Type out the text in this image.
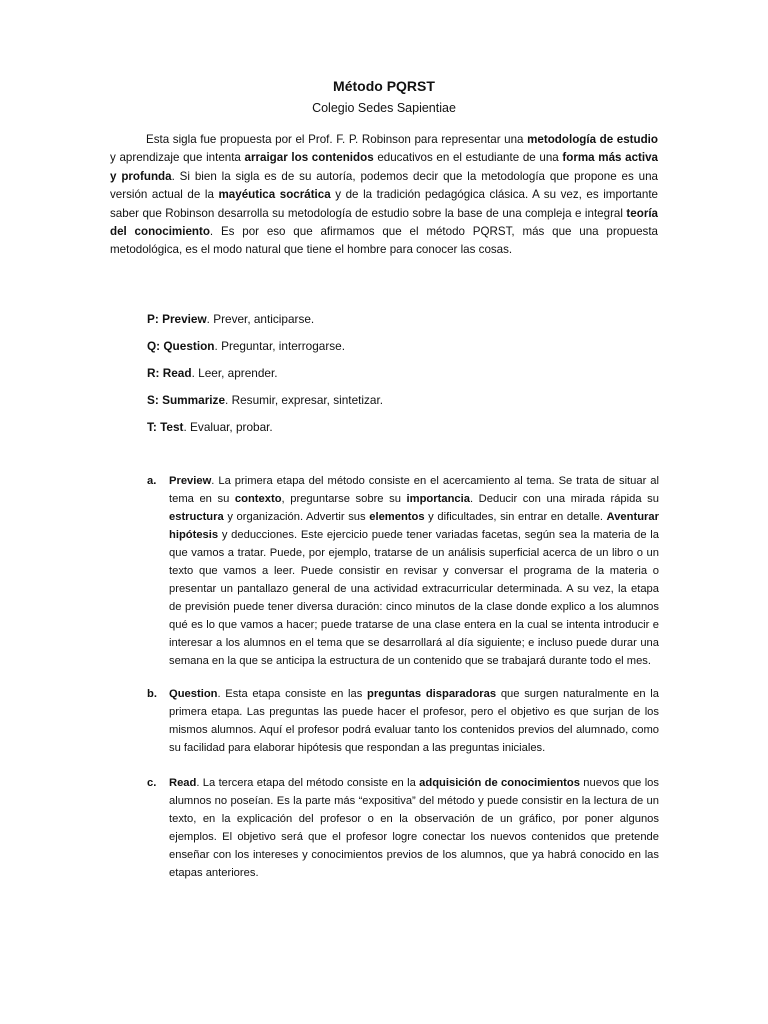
Método PQRST
Colegio Sedes Sapientiae

Esta sigla fue propuesta por el Prof. F. P. Robinson para representar una metodología de estudio y aprendizaje que intenta arraigar los contenidos educativos en el estudiante de una forma más activa y profunda. Si bien la sigla es de su autoría, podemos decir que la metodología que propone es una versión actual de la mayéutica socrática y de la tradición pedagógica clásica. A su vez, es importante saber que Robinson desarrolla su metodología de estudio sobre la base de una compleja e integral teoría del conocimiento. Es por eso que afirmamos que el método PQRST, más que una propuesta metodológica, es el modo natural que tiene el hombre para conocer las cosas.

P: Preview. Prever, anticiparse.
Q: Question. Preguntar, interrogarse.
R: Read. Leer, aprender.
S: Summarize. Resumir, expresar, sintetizar.
T: Test. Evaluar, probar.
a. Preview. La primera etapa del método consiste en el acercamiento al tema. Se trata de situar al tema en su contexto, preguntarse sobre su importancia. Deducir con una mirada rápida su estructura y organización. Advertir sus elementos y dificultades, sin entrar en detalle. Aventurar hipótesis y deducciones. Este ejercicio puede tener variadas facetas, según sea la materia de la que vamos a tratar. Puede, por ejemplo, tratarse de un análisis superficial acerca de un libro o un texto que vamos a leer. Puede consistir en revisar y conversar el programa de la materia o presentar un pantallazo general de una actividad extracurricular determinada. A su vez, la etapa de previsión puede tener diversa duración: cinco minutos de la clase donde explico a los alumnos qué es lo que vamos a hacer; puede tratarse de una clase entera en la cual se intenta introducir e interesar a los alumnos en el tema que se desarrollará al día siguiente; e incluso puede durar una semana en la que se anticipa la estructura de un contenido que se trabajará durante todo el mes.
b. Question. Esta etapa consiste en las preguntas disparadoras que surgen naturalmente en la primera etapa. Las preguntas las puede hacer el profesor, pero el objetivo es que surjan de los mismos alumnos. Aquí el profesor podrá evaluar tanto los contenidos previos del alumnado, como su facilidad para elaborar hipótesis que respondan a las preguntas iniciales.
c. Read. La tercera etapa del método consiste en la adquisición de conocimientos nuevos que los alumnos no poseían. Es la parte más “expositiva” del método y puede consistir en la lectura de un texto, en la explicación del profesor o en la observación de un gráfico, por poner algunos ejemplos. El objetivo será que el profesor logre conectar los nuevos contenidos que pretende enseñar con los intereses y conocimientos previos de los alumnos, que ya habrá conocido en las etapas anteriores.
